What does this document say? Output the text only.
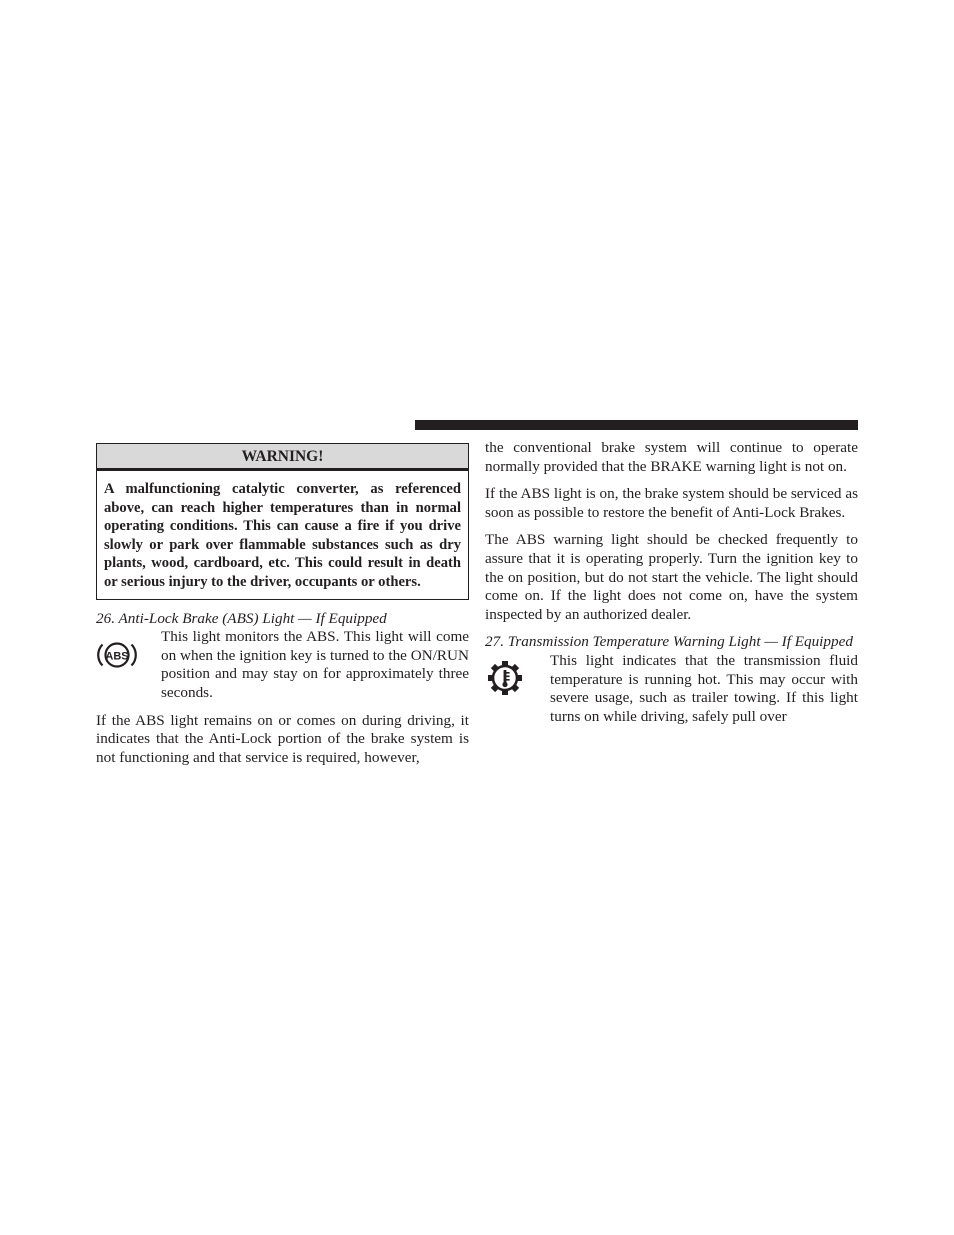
WARNING!
A malfunctioning catalytic converter, as referenced above, can reach higher temperatures than in normal operating conditions. This can cause a fire if you drive slowly or park over flammable substances such as dry plants, wood, cardboard, etc. This could result in death or serious injury to the driver, occupants or others.
26. Anti-Lock Brake (ABS) Light — If Equipped
ABS

This light monitors the ABS. This light will come on when the ignition key is turned to the ON/RUN position and may stay on for approximately three seconds.

If the ABS light remains on or comes on during driving, it indicates that the Anti-Lock portion of the brake system is not functioning and that service is required, however,

the conventional brake system will continue to operate normally provided that the BRAKE warning light is not on.

If the ABS light is on, the brake system should be serviced as soon as possible to restore the benefit of Anti-Lock Brakes.

The ABS warning light should be checked frequently to assure that it is operating properly. Turn the ignition key to the on position, but do not start the vehicle. The light should come on. If the light does not come on, have the system inspected by an authorized dealer.

27. Transmission Temperature Warning Light — If Equipped

This light indicates that the transmission fluid temperature is running hot. This may occur with severe usage, such as trailer towing. If this light turns on while driving, safely pull over
